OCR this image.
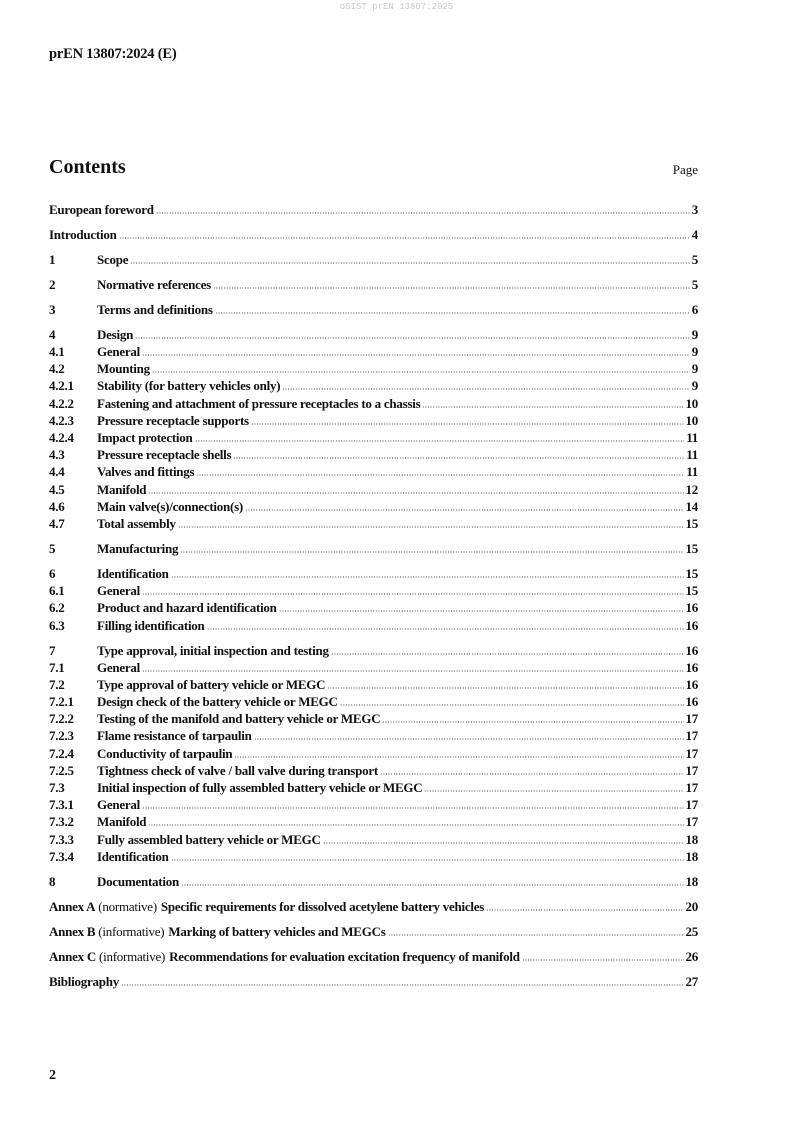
oSIST prEN 13807:2025
prEN 13807:2024 (E)
Contents	Page
European foreword	3
Introduction	4
1	Scope	5
2	Normative references	5
3	Terms and definitions	6
4	Design	9
4.1	General	9
4.2	Mounting	9
4.2.1	Stability (for battery vehicles only)	9
4.2.2	Fastening and attachment of pressure receptacles to a chassis	10
4.2.3	Pressure receptacle supports	10
4.2.4	Impact protection	11
4.3	Pressure receptacle shells	11
4.4	Valves and fittings	11
4.5	Manifold	12
4.6	Main valve(s)/connection(s)	14
4.7	Total assembly	15
5	Manufacturing	15
6	Identification	15
6.1	General	15
6.2	Product and hazard identification	16
6.3	Filling identification	16
7	Type approval, initial inspection and testing	16
7.1	General	16
7.2	Type approval of battery vehicle or MEGC	16
7.2.1	Design check of the battery vehicle or MEGC	16
7.2.2	Testing of the manifold and battery vehicle or MEGC	17
7.2.3	Flame resistance of tarpaulin	17
7.2.4	Conductivity of tarpaulin	17
7.2.5	Tightness check of valve / ball valve during transport	17
7.3	Initial inspection of fully assembled battery vehicle or MEGC	17
7.3.1	General	17
7.3.2	Manifold	17
7.3.3	Fully assembled battery vehicle or MEGC	18
7.3.4	Identification	18
8	Documentation	18
Annex A (normative) Specific requirements for dissolved acetylene battery vehicles	20
Annex B (informative) Marking of battery vehicles and MEGCs	25
Annex C (informative) Recommendations for evaluation excitation frequency of manifold	26
Bibliography	27
2
